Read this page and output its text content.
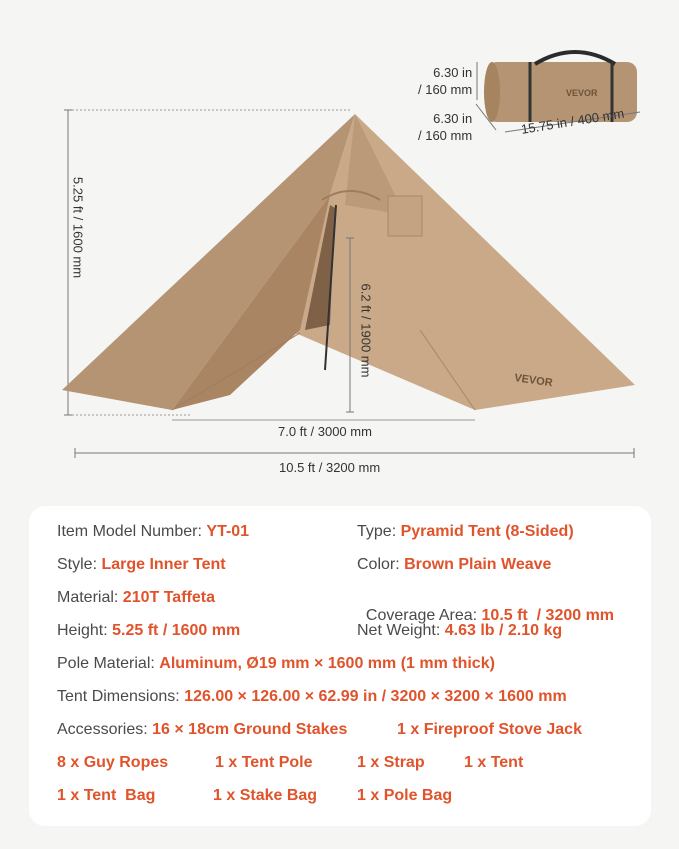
VEVOR
VEVOR
6.30 in
/ 160 mm
6.30 in
/ 160 mm	15.75 in / 400 mm
5.25 ft / 1600 mm
6.2 ft / 1900 mm
7.0 ft / 3000 mm
10.5 ft / 3200 mm
Item Model Number: YT-01	Type: Pyramid Tent (8-Sided)
Style: Large Inner Tent	Color: Brown Plain Weave
Material: 210T Taffeta

Coverage Area: 10.5 ft  / 3200 mm

Height: 5.25 ft / 1600 mm	Net Weight: 4.63 lb / 2.10 kg
Pole Material: Aluminum, Ø19 mm × 1600 mm (1 mm thick)
Tent Dimensions: 126.00 × 126.00 × 62.99 in / 3200 × 3200 × 1600 mm
Accessories: 16 × 18cm Ground Stakes	1 x Fireproof Stove Jack
8 x Guy Ropes	1 x Tent Pole	1 x Strap 1 x Tent
1 x Tent  Bag	1 x Stake Bag 1 x Pole Bag
